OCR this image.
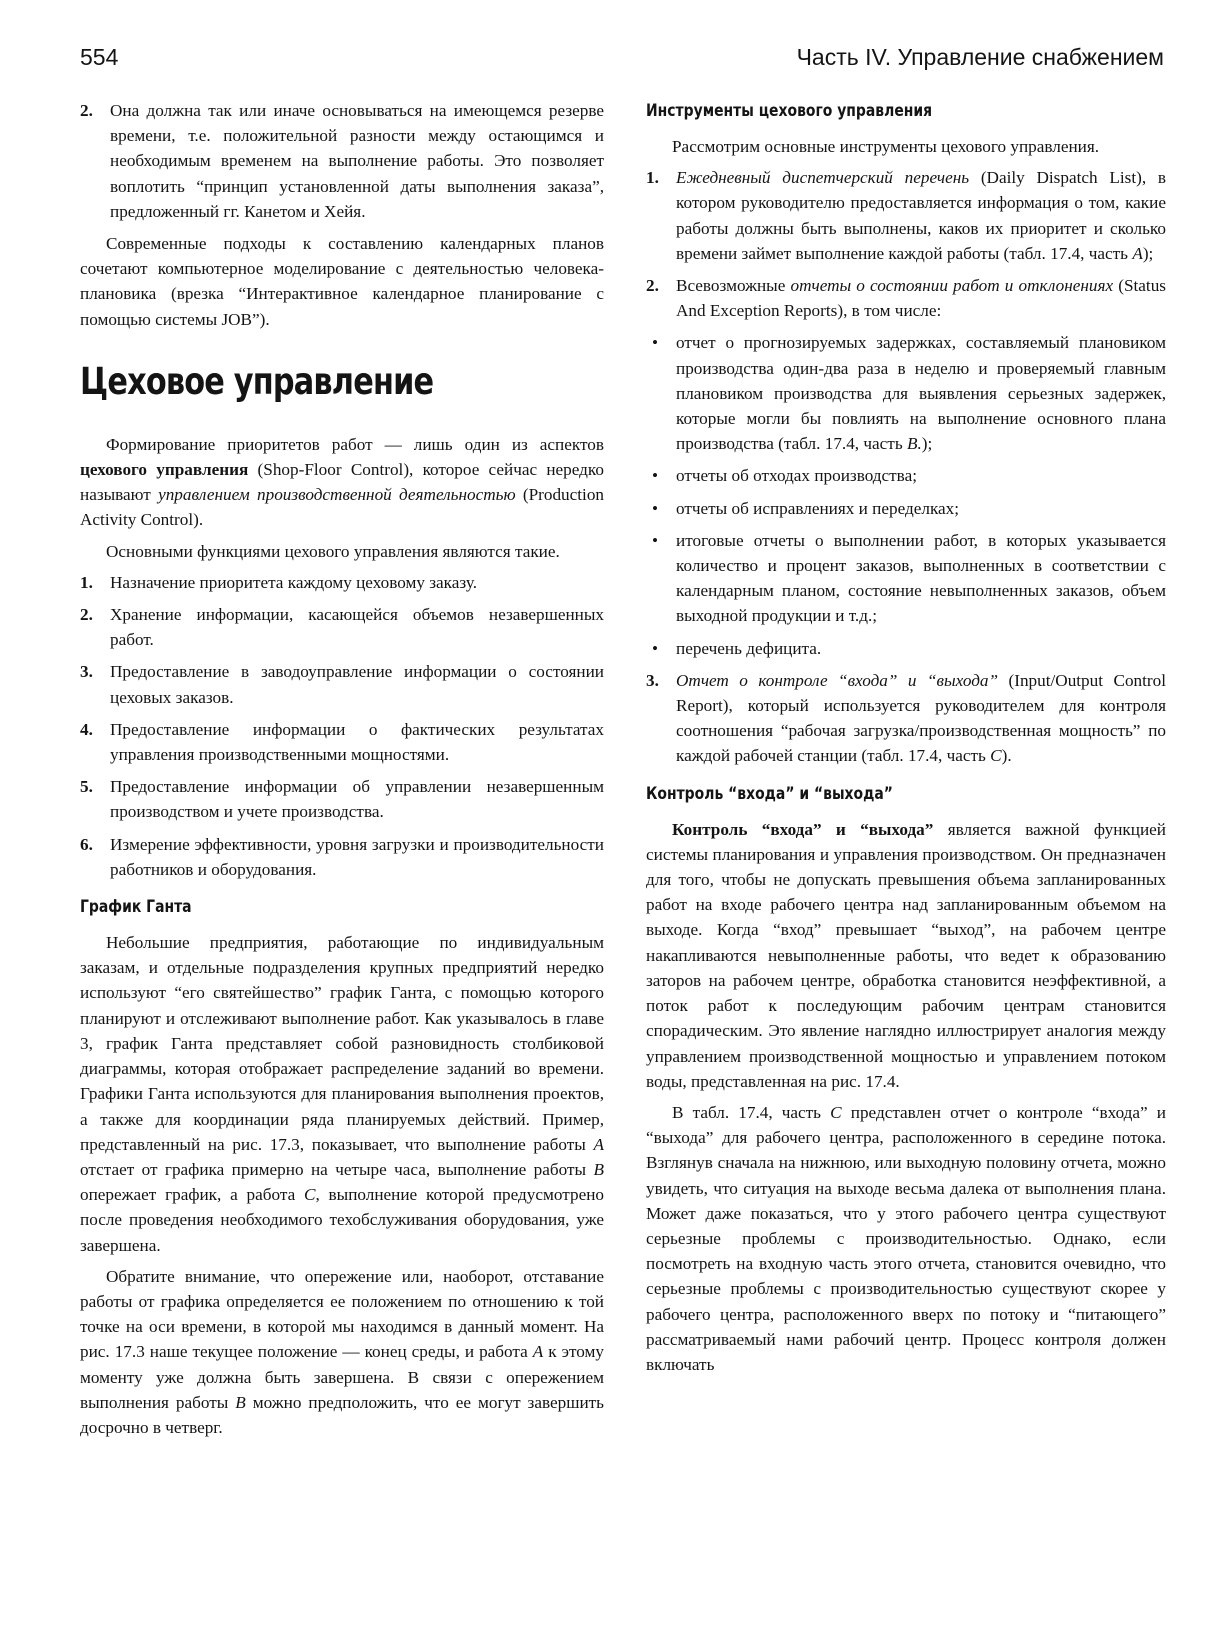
554	Часть IV. Управление снабжением
2. Она должна так или иначе основываться на имеющемся резерве времени, т.е. положительной разности между остающимся и необходимым временем на выполнение работы. Это позволяет воплотить “принцип установленной даты выполнения заказа”, предложенный гг. Канетом и Хейя.

Современные подходы к составлению календарных планов сочетают компьютерное моделирование с деятельностью человека-плановика (врезка “Интерактивное календарное планирование с помощью системы JOB”).

Цеховое управление

Формирование приоритетов работ — лишь один из аспектов цехового управления (Shop-Floor Control), которое сейчас нередко называют управлением производственной деятельностью (Production Activity Control).

Основными функциями цехового управления являются такие.

1. Назначение приоритета каждому цеховому заказу.
2. Хранение информации, касающейся объемов незавершенных работ.
3. Предоставление в заводоуправление информации о состоянии цеховых заказов.
4. Предоставление информации о фактических результатах управления производственными мощностями.
5. Предоставление информации об управлении незавершенным производством и учете производства.
6. Измерение эффективности, уровня загрузки и производительности работников и оборудования.
График Ганта

Небольшие предприятия, работающие по индивидуальным заказам, и отдельные подразделения крупных предприятий нередко используют “его святейшество” график Ганта, с помощью которого планируют и отслеживают выполнение работ. Как указывалось в главе 3, график Ганта представляет собой разновидность столбиковой диаграммы, которая отображает распределение заданий во времени. Графики Ганта используются для планирования выполнения проектов, а также для координации ряда планируемых действий. Пример, представленный на рис. 17.3, показывает, что выполнение работы A отстает от графика примерно на четыре часа, выполнение работы B опережает график, а работа C, выполнение которой предусмотрено после проведения необходимого техобслуживания оборудования, уже завершена.

Обратите внимание, что опережение или, наоборот, отставание работы от графика определяется ее положением по отношению к той точке на оси времени, в которой мы находимся в данный момент. На рис. 17.3 наше текущее положение — конец среды, и работа A к этому моменту уже должна быть завершена. В связи с опережением выполнения работы B можно предположить, что ее могут завершить досрочно в четверг.

Инструменты цехового управления

Рассмотрим основные инструменты цехового управления.

1. Ежедневный диспетчерский перечень (Daily Dispatch List), в котором руководителю предоставляется информация о том, какие работы должны быть выполнены, каков их приоритет и сколько времени займет выполнение каждой работы (табл. 17.4, часть A);
2. Всевозможные отчеты о состоянии работ и отклонениях (Status And Exception Reports), в том числе:
• отчет о прогнозируемых задержках, составляемый плановиком производства один-два раза в неделю и проверяемый главным плановиком производства для выявления серьезных задержек, которые могли бы повлиять на выполнение основного плана производства (табл. 17.4, часть B.);
• отчеты об отходах производства;
• отчеты об исправлениях и переделках;
• итоговые отчеты о выполнении работ, в которых указывается количество и процент заказов, выполненных в соответствии с календарным планом, состояние невыполненных заказов, объем выходной продукции и т.д.;
• перечень дефицита.
3. Отчет о контроле “входа” и “выхода” (Input/Output Control Report), который используется руководителем для контроля соотношения “рабочая загрузка/производственная мощность” по каждой рабочей станции (табл. 17.4, часть C).
Контроль “входа” и “выхода”

Контроль “входа” и “выхода” является важной функцией системы планирования и управления производством. Он предназначен для того, чтобы не допускать превышения объема запланированных работ на входе рабочего центра над запланированным объемом на выходе. Когда “вход” превышает “выход”, на рабочем центре накапливаются невыполненные работы, что ведет к образованию заторов на рабочем центре, обработка становится неэффективной, а поток работ к последующим рабочим центрам становится спорадическим. Это явление наглядно иллюстрирует аналогия между управлением производственной мощностью и управлением потоком воды, представленная на рис. 17.4.

В табл. 17.4, часть C представлен отчет о контроле “входа” и “выхода” для рабочего центра, расположенного в середине потока. Взглянув сначала на нижнюю, или выходную половину отчета, можно увидеть, что ситуация на выходе весьма далека от выполнения плана. Может даже показаться, что у этого рабочего центра существуют серьезные проблемы с производительностью. Однако, если посмотреть на входную часть этого отчета, становится очевидно, что серьезные проблемы с производительностью существуют скорее у рабочего центра, расположенного вверх по потоку и “питающего” рассматриваемый нами рабочий центр. Процесс контроля должен включать
